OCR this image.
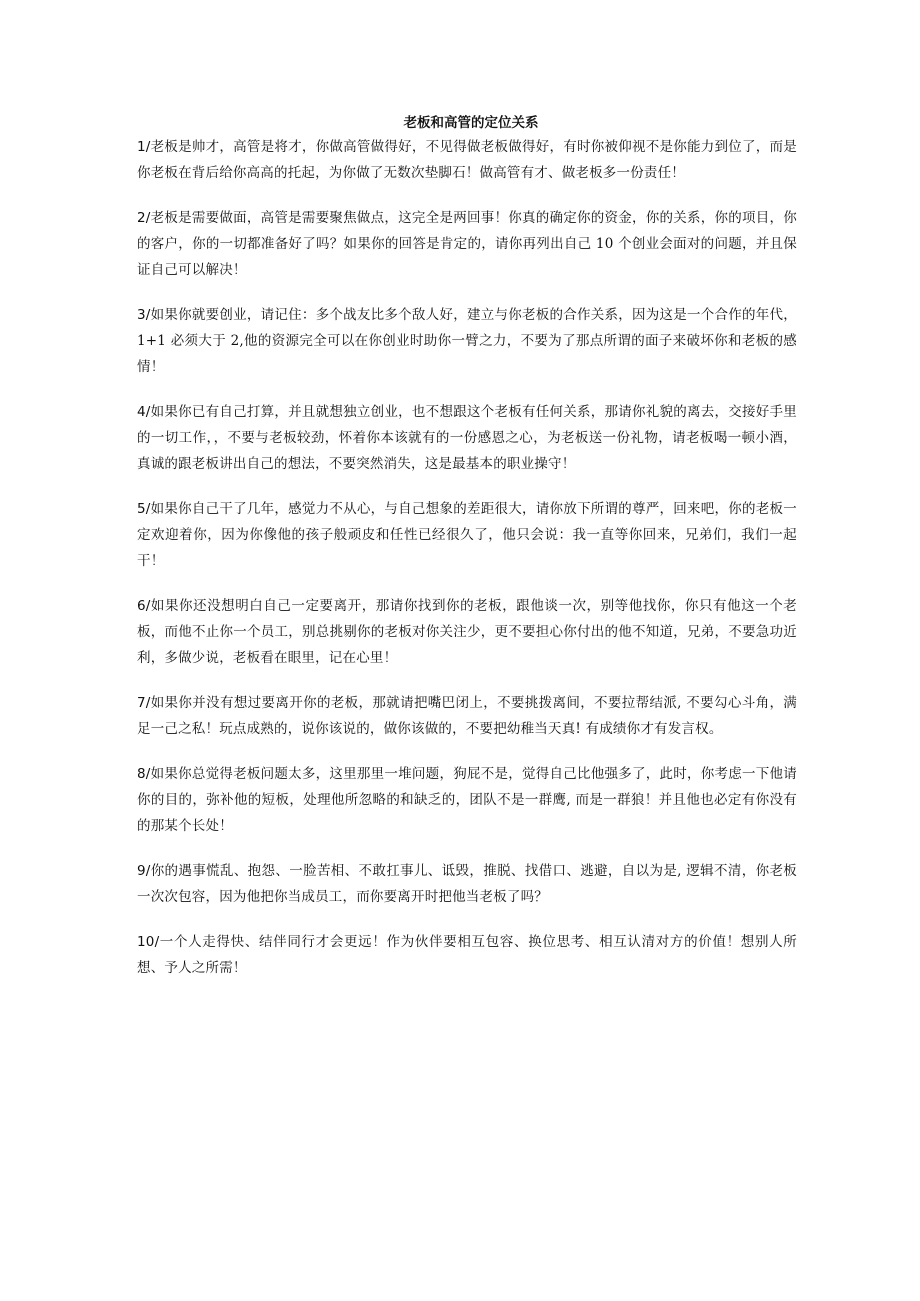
老板和高管的定位关系

1/老板是帅才，高管是将才，你做高管做得好，不见得做老板做得好，有时你被仰视不是你能力到位了，而是你老板在背后给你高高的托起，为你做了无数次垫脚石！做高管有才、做老板多一份责任！

2/老板是需要做面，高管是需要聚焦做点，这完全是两回事！你真的确定你的资金，你的关系，你的项目，你的客户，你的一切都准备好了吗？如果你的回答是肯定的，请你再列出自己 10 个创业会面对的问题，并且保证自己可以解决！

3/如果你就要创业，请记住：多个战友比多个敌人好，建立与你老板的合作关系，因为这是一个合作的年代，1+1 必须大于 2,他的资源完全可以在你创业时助你一臂之力，不要为了那点所谓的面子来破坏你和老板的感情！

4/如果你已有自己打算，并且就想独立创业，也不想跟这个老板有任何关系，那请你礼貌的离去，交接好手里的一切工作，，不要与老板较劲，怀着你本该就有的一份感恩之心，为老板送一份礼物，请老板喝一顿小酒，真诚的跟老板讲出自己的想法，不要突然消失，这是最基本的职业操守！

5/如果你自己干了几年，感觉力不从心，与自己想象的差距很大，请你放下所谓的尊严，回来吧，你的老板一定欢迎着你，因为你像他的孩子般顽皮和任性已经很久了，他只会说：我一直等你回来，兄弟们，我们一起干！

6/如果你还没想明白自己一定要离开，那请你找到你的老板，跟他谈一次，别等他找你，你只有他这一个老板，而他不止你一个员工，别总挑剔你的老板对你关注少，更不要担心你付出的他不知道，兄弟，不要急功近利，多做少说，老板看在眼里，记在心里！

7/如果你并没有想过要离开你的老板，那就请把嘴巴闭上，不要挑拨离间，不要拉帮结派, 不要勾心斗角，满足一己之私！玩点成熟的，说你该说的，做你该做的，不要把幼稚当天真! 有成绩你才有发言权。

8/如果你总觉得老板问题太多，这里那里一堆问题，狗屁不是，觉得自己比他强多了，此时，你考虑一下他请你的目的，弥补他的短板，处理他所忽略的和缺乏的，团队不是一群鹰, 而是一群狼！并且他也必定有你没有的那某个长处！

9/你的遇事慌乱、抱怨、一脸苦相、不敢扛事儿、诋毁，推脱、找借口、逃避，自以为是, 逻辑不清，你老板一次次包容，因为他把你当成员工，而你要离开时把他当老板了吗？

10/一个人走得快、结伴同行才会更远！作为伙伴要相互包容、换位思考、相互认清对方的价值！想别人所想、予人之所需！
